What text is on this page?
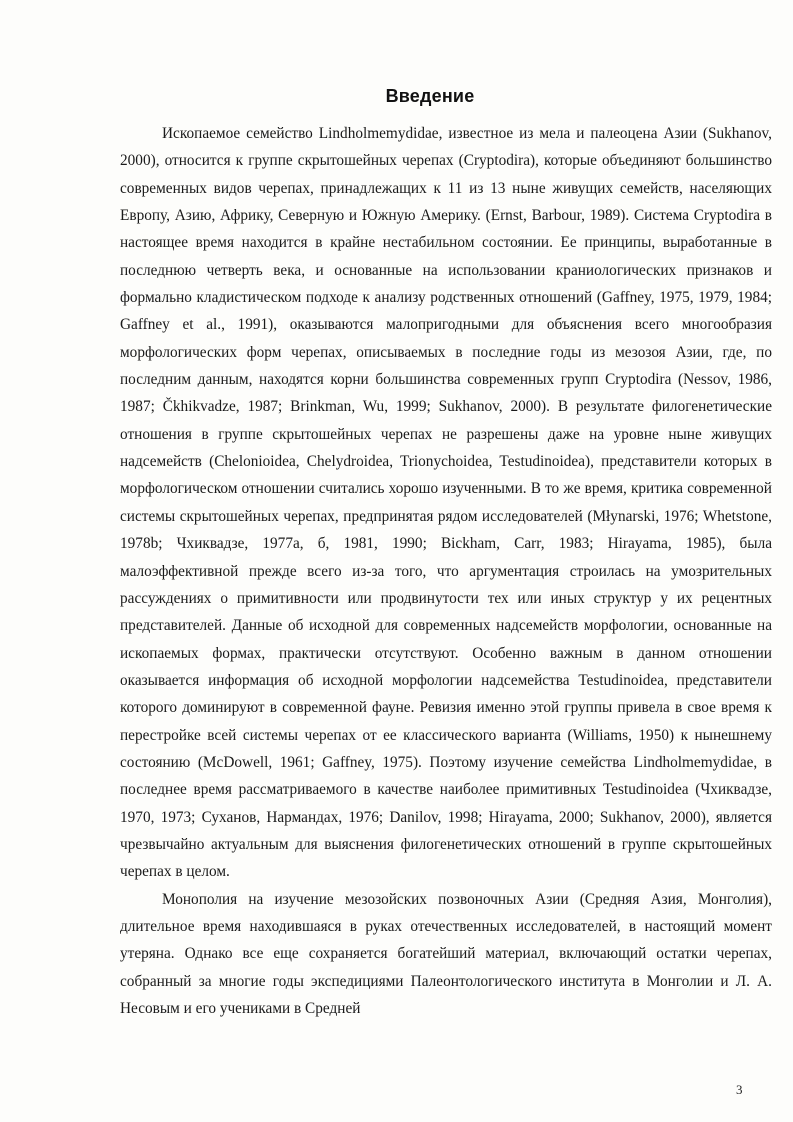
Введение

Ископаемое семейство Lindholmemydidae, известное из мела и палеоцена Азии (Sukhanov, 2000), относится к группе скрытошейных черепах (Cryptodira), которые объединяют большинство современных видов черепах, принадлежащих к 11 из 13 ныне живущих семейств, населяющих Европу, Азию, Африку, Северную и Южную Америку. (Ernst, Barbour, 1989). Система Cryptodira в настоящее время находится в крайне нестабильном состоянии. Ее принципы, выработанные в последнюю четверть века, и основанные на использовании краниологических признаков и формально кладистическом подходе к анализу родственных отношений (Gaffney, 1975, 1979, 1984; Gaffney et al., 1991), оказываются малопригодными для объяснения всего многообразия морфологических форм черепах, описываемых в последние годы из мезозоя Азии, где, по последним данным, находятся корни большинства современных групп Cryptodira (Nessov, 1986, 1987; Čkhikvadze, 1987; Brinkman, Wu, 1999; Sukhanov, 2000). В результате филогенетические отношения в группе скрытошейных черепах не разрешены даже на уровне ныне живущих надсемейств (Chelonioidea, Chelydroidea, Trionychoidea, Testudinoidea), представители которых в морфологическом отношении считались хорошо изученными. В то же время, критика современной системы скрытошейных черепах, предпринятая рядом исследователей (Młynarski, 1976; Whetstone, 1978b; Чхиквадзе, 1977а, б, 1981, 1990; Bickham, Carr, 1983; Hirayama, 1985), была малоэффективной прежде всего из-за того, что аргументация строилась на умозрительных рассуждениях о примитивности или продвинутости тех или иных структур у их рецентных представителей. Данные об исходной для современных надсемейств морфологии, основанные на ископаемых формах, практически отсутствуют. Особенно важным в данном отношении оказывается информация об исходной морфологии надсемейства Testudinoidea, представители которого доминируют в современной фауне. Ревизия именно этой группы привела в свое время к перестройке всей системы черепах от ее классического варианта (Williams, 1950) к нынешнему состоянию (McDowell, 1961; Gaffney, 1975). Поэтому изучение семейства Lindholmemydidae, в последнее время рассматриваемого в качестве наиболее примитивных Testudinoidea (Чхиквадзе, 1970, 1973; Суханов, Нармандах, 1976; Danilov, 1998; Hirayama, 2000; Sukhanov, 2000), является чрезвычайно актуальным для выяснения филогенетических отношений в группе скрытошейных черепах в целом.

Монополия на изучение мезозойских позвоночных Азии (Средняя Азия, Монголия), длительное время находившаяся в руках отечественных исследователей, в настоящий момент утеряна. Однако все еще сохраняется богатейший материал, включающий остатки черепах, собранный за многие годы экспедициями Палеонтологического института в Монголии и Л. А. Несовым и его учениками в Средней

3
